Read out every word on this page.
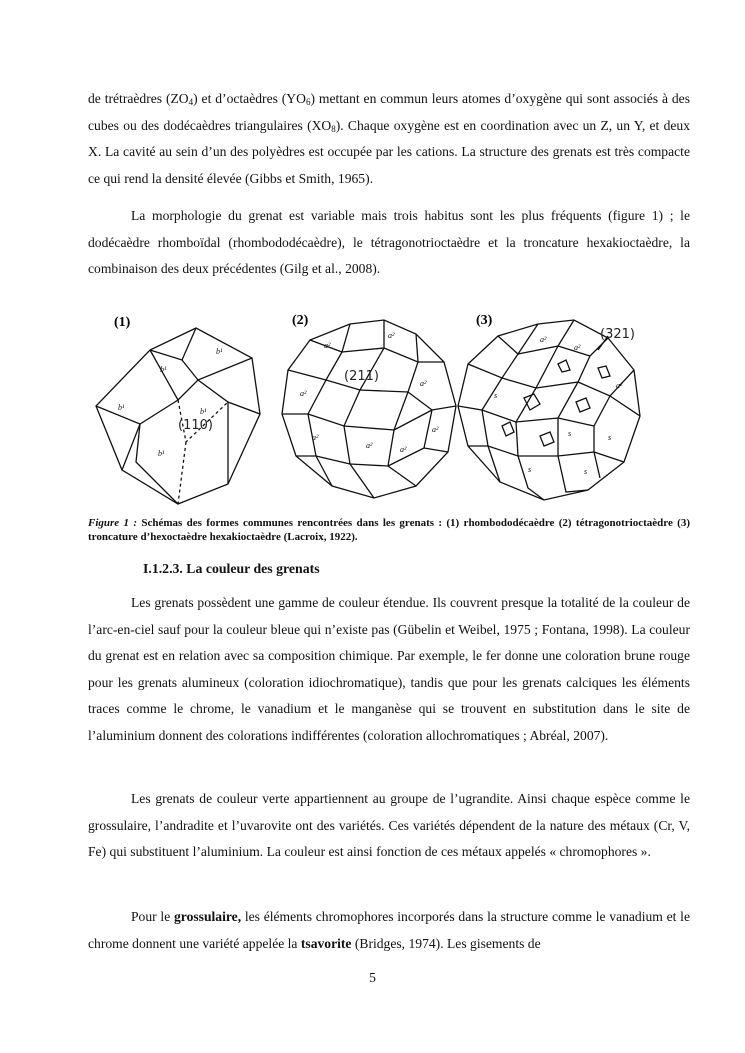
de trétraèdres $(ZO_4)$ et d’octaèdres $(YO_6)$ mettant en commun leurs atomes d’oxygène qui sont associés à des cubes ou des dodécaèdres triangulaires $(XO_8)$. Chaque oxygène est en coordination avec un Z, un Y, et deux X. La cavité au sein d’un des polyèdres est occupée par les cations. La structure des grenats est très compacte ce qui rend la densité élevée (Gibbs et Smith, 1965).

La morphologie du grenat est variable mais trois habitus sont les plus fréquents (figure 1) ; le dodécaèdre rhomboïdal (rhombododécaèdre), le tétragonotrioctaèdre et la troncature hexakioctaèdre, la combinaison des deux précédentes (Gilg et al., 2008).

(1)	(2)	(3)
(110)
(211)
(321)
b¹
b¹
b¹	b¹
b¹
a²
a²
a²
a²
a²
a²	a²
a²
a²
a²
a²
s
s	s
s	s

Figure 1 : Schémas des formes communes rencontrées dans les grenats : (1) rhombododécaèdre (2) tétragonotrioctaèdre (3) troncature d’hexoctaèdre hexakioctaèdre (Lacroix, 1922).

I.1.2.3. La couleur des grenats

Les grenats possèdent une gamme de couleur étendue. Ils couvrent presque la totalité de la couleur de l’arc-en-ciel sauf pour la couleur bleue qui n’existe pas (Gübelin et Weibel, 1975 ; Fontana, 1998). La couleur du grenat est en relation avec sa composition chimique. Par exemple, le fer donne une coloration brune rouge pour les grenats alumineux (coloration idiochromatique), tandis que pour les grenats calciques les éléments traces comme le chrome, le vanadium et le manganèse qui se trouvent en substitution dans le site de l’aluminium donnent des colorations indifférentes (coloration allochromatiques ; Abréal, 2007).

Les grenats de couleur verte appartiennent au groupe de l’ugrandite. Ainsi chaque espèce comme le grossulaire, l’andradite et l’uvarovite ont des variétés. Ces variétés dépendent de la nature des métaux (Cr, V, Fe) qui substituent l’aluminium. La couleur est ainsi fonction de ces métaux appelés « chromophores ».

Pour le grossulaire, les éléments chromophores incorporés dans la structure comme le vanadium et le chrome donnent une variété appelée la tsavorite (Bridges, 1974). Les gisements de

5
